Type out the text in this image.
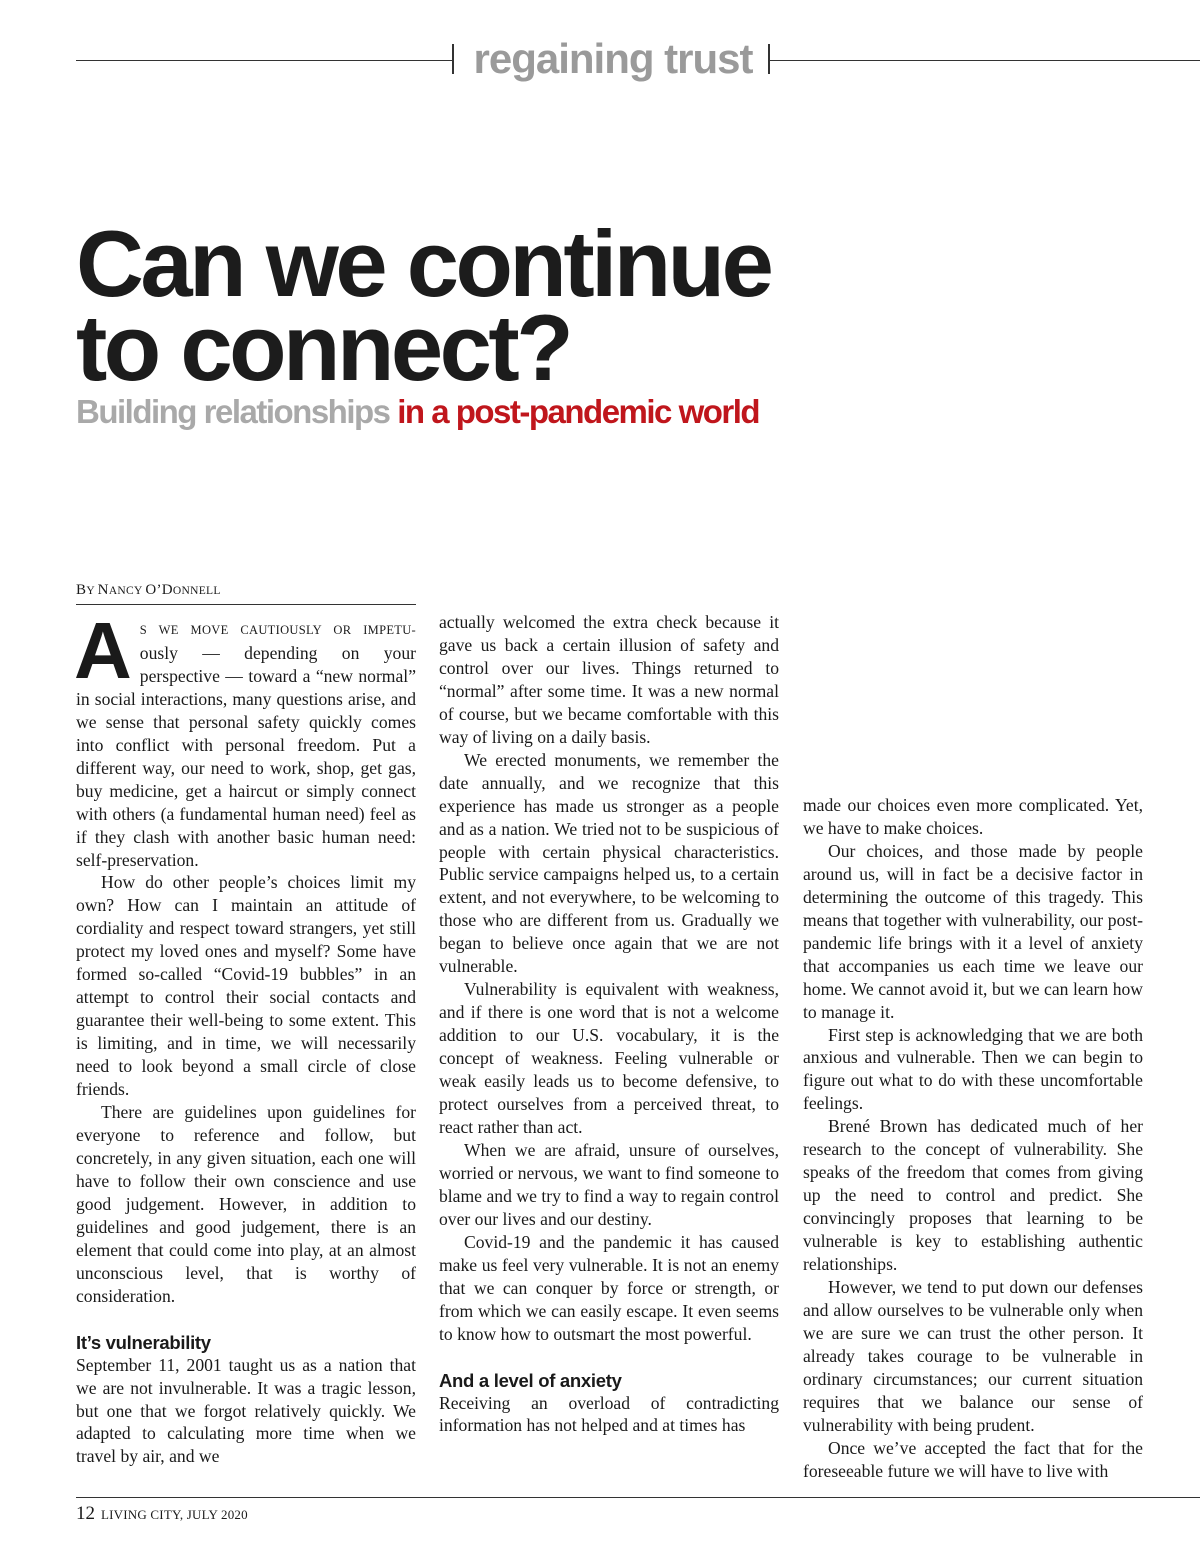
regaining trust
Can we continue
to connect?
Building relationships in a post-pandemic world
BY NANCY O’DONNELL
A S WE MOVE CAUTIOUSLY OR IMPETU- ously — depending on your perspective — toward a “new normal” in social interactions, many questions arise, and we sense that personal safety quickly comes into conflict with personal freedom. Put a different way, our need to work, shop, get gas, buy medicine, get a haircut or simply connect with others (a fundamental human need) feel as if they clash with another basic human need: self-preservation.

How do other people’s choices limit my own? How can I maintain an attitude of cordiality and respect toward strangers, yet still protect my loved ones and myself? Some have formed so-called “Covid-19 bubbles” in an attempt to control their social contacts and guarantee their well-being to some extent. This is limiting, and in time, we will necessarily need to look beyond a small circle of close friends.

There are guidelines upon guidelines for everyone to reference and follow, but concretely, in any given situation, each one will have to follow their own conscience and use good judgement. However, in addition to guidelines and good judgement, there is an element that could come into play, at an almost unconscious level, that is worthy of consideration.

It’s vulnerability

September 11, 2001 taught us as a nation that we are not invulnerable. It was a tragic lesson, but one that we forgot relatively quickly. We adapted to calculating more time when we travel by air, and we

actually welcomed the extra check because it gave us back a certain illusion of safety and control over our lives. Things returned to “normal” after some time. It was a new normal of course, but we became comfortable with this way of living on a daily basis.

We erected monuments, we remember the date annually, and we recognize that this experience has made us stronger as a people and as a nation. We tried not to be suspicious of people with certain physical characteristics. Public service campaigns helped us, to a certain extent, and not everywhere, to be welcoming to those who are different from us. Gradually we began to believe once again that we are not vulnerable.

Vulnerability is equivalent with weakness, and if there is one word that is not a welcome addition to our U.S. vocabulary, it is the concept of weakness. Feeling vulnerable or weak easily leads us to become defensive, to protect ourselves from a perceived threat, to react rather than act.

When we are afraid, unsure of ourselves, worried or nervous, we want to find someone to blame and we try to find a way to regain control over our lives and our destiny.

Covid-19 and the pandemic it has caused make us feel very vulnerable. It is not an enemy that we can conquer by force or strength, or from which we can easily escape. It even seems to know how to outsmart the most powerful.

And a level of anxiety

Receiving an overload of contradicting information has not helped and at times has

made our choices even more complicated. Yet, we have to make choices.

Our choices, and those made by people around us, will in fact be a decisive factor in determining the outcome of this tragedy. This means that together with vulnerability, our post-pandemic life brings with it a level of anxiety that accompanies us each time we leave our home. We cannot avoid it, but we can learn how to manage it.

First step is acknowledging that we are both anxious and vulnerable. Then we can begin to figure out what to do with these uncomfortable feelings.

Brené Brown has dedicated much of her research to the concept of vulnerability. She speaks of the freedom that comes from giving up the need to control and predict. She convincingly proposes that learning to be vulnerable is key to establishing authentic relationships.

However, we tend to put down our defenses and allow ourselves to be vulnerable only when we are sure we can trust the other person. It already takes courage to be vulnerable in ordinary circumstances; our current situation requires that we balance our sense of vulnerability with being prudent.

Once we’ve accepted the fact that for the foreseeable future we will have to live with

12 LIVING CITY, JULY 2020
